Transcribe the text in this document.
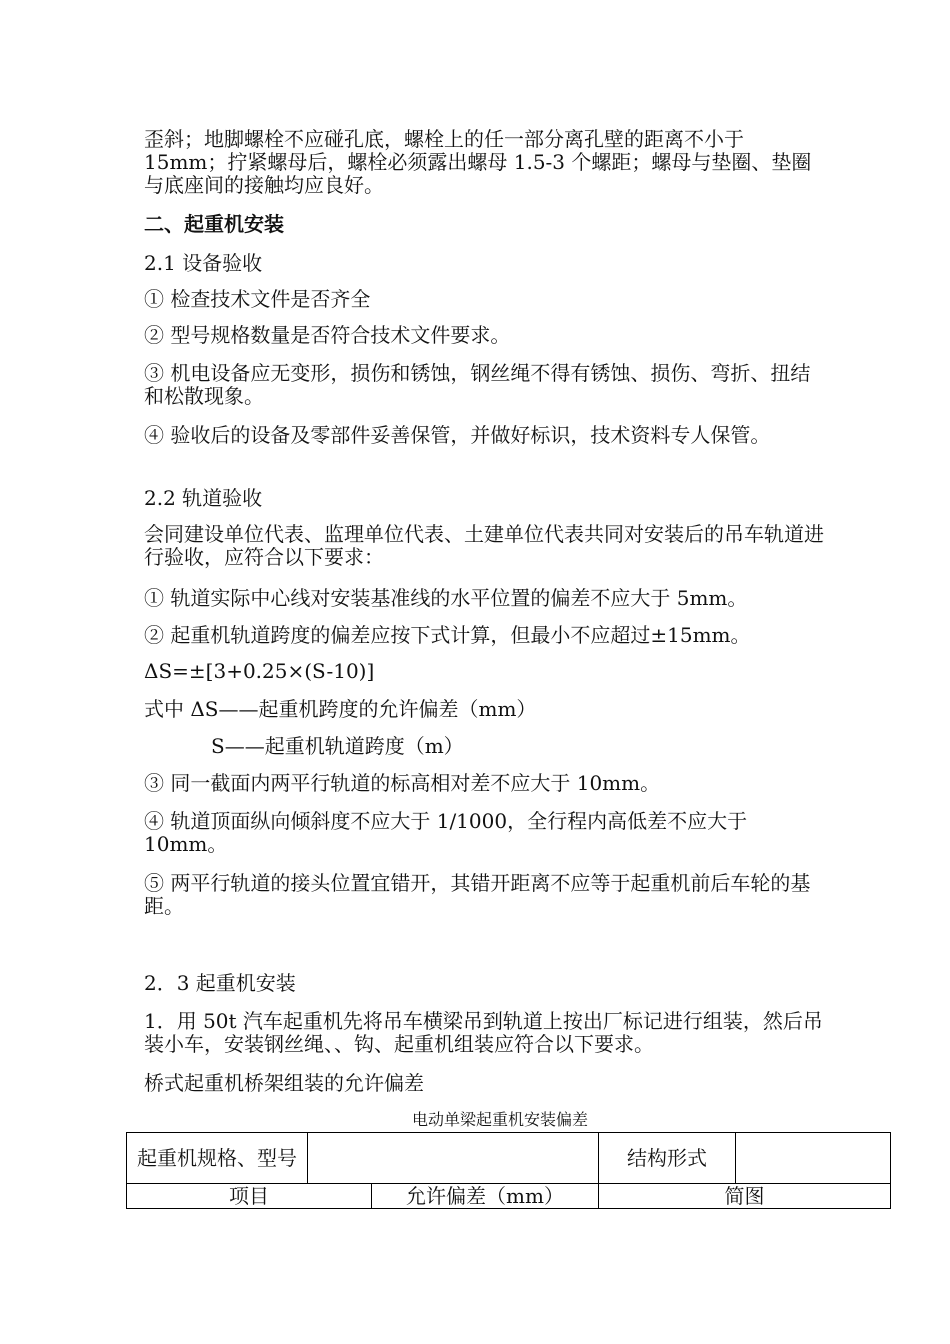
歪斜；地脚螺栓不应碰孔底，螺栓上的任一部分离孔壁的距离不小于 15mm；拧紧螺母后，螺栓必须露出螺母 1.5-3 个螺距；螺母与垫圈、垫圈与底座间的接触均应良好。

二、起重机安装

2.1 设备验收

① 检查技术文件是否齐全

② 型号规格数量是否符合技术文件要求。

③ 机电设备应无变形，损伤和锈蚀，钢丝绳不得有锈蚀、损伤、弯折、扭结和松散现象。

④ 验收后的设备及零部件妥善保管，并做好标识，技术资料专人保管。

2.2 轨道验收

会同建设单位代表、监理单位代表、土建单位代表共同对安装后的吊车轨道进行验收，应符合以下要求：

① 轨道实际中心线对安装基准线的水平位置的偏差不应大于 5mm。

② 起重机轨道跨度的偏差应按下式计算，但最小不应超过±15mm。

ΔS=±[3+0.25×(S-10)]

式中 ΔS——起重机跨度的允许偏差（mm）

S——起重机轨道跨度（m）

③ 同一截面内两平行轨道的标高相对差不应大于 10mm。

④ 轨道顶面纵向倾斜度不应大于 1/1000，全行程内高低差不应大于 10mm。

⑤ 两平行轨道的接头位置宜错开，其错开距离不应等于起重机前后车轮的基距。

2．3 起重机安装

1．用 50t 汽车起重机先将吊车横梁吊到轨道上按出厂标记进行组装，然后吊装小车，安装钢丝绳、、钩、起重机组装应符合以下要求。

桥式起重机桥架组装的允许偏差

电动单梁起重机安装偏差
起重机规格、型号			结构形式	
项目		允许偏差（mm）	简图	
